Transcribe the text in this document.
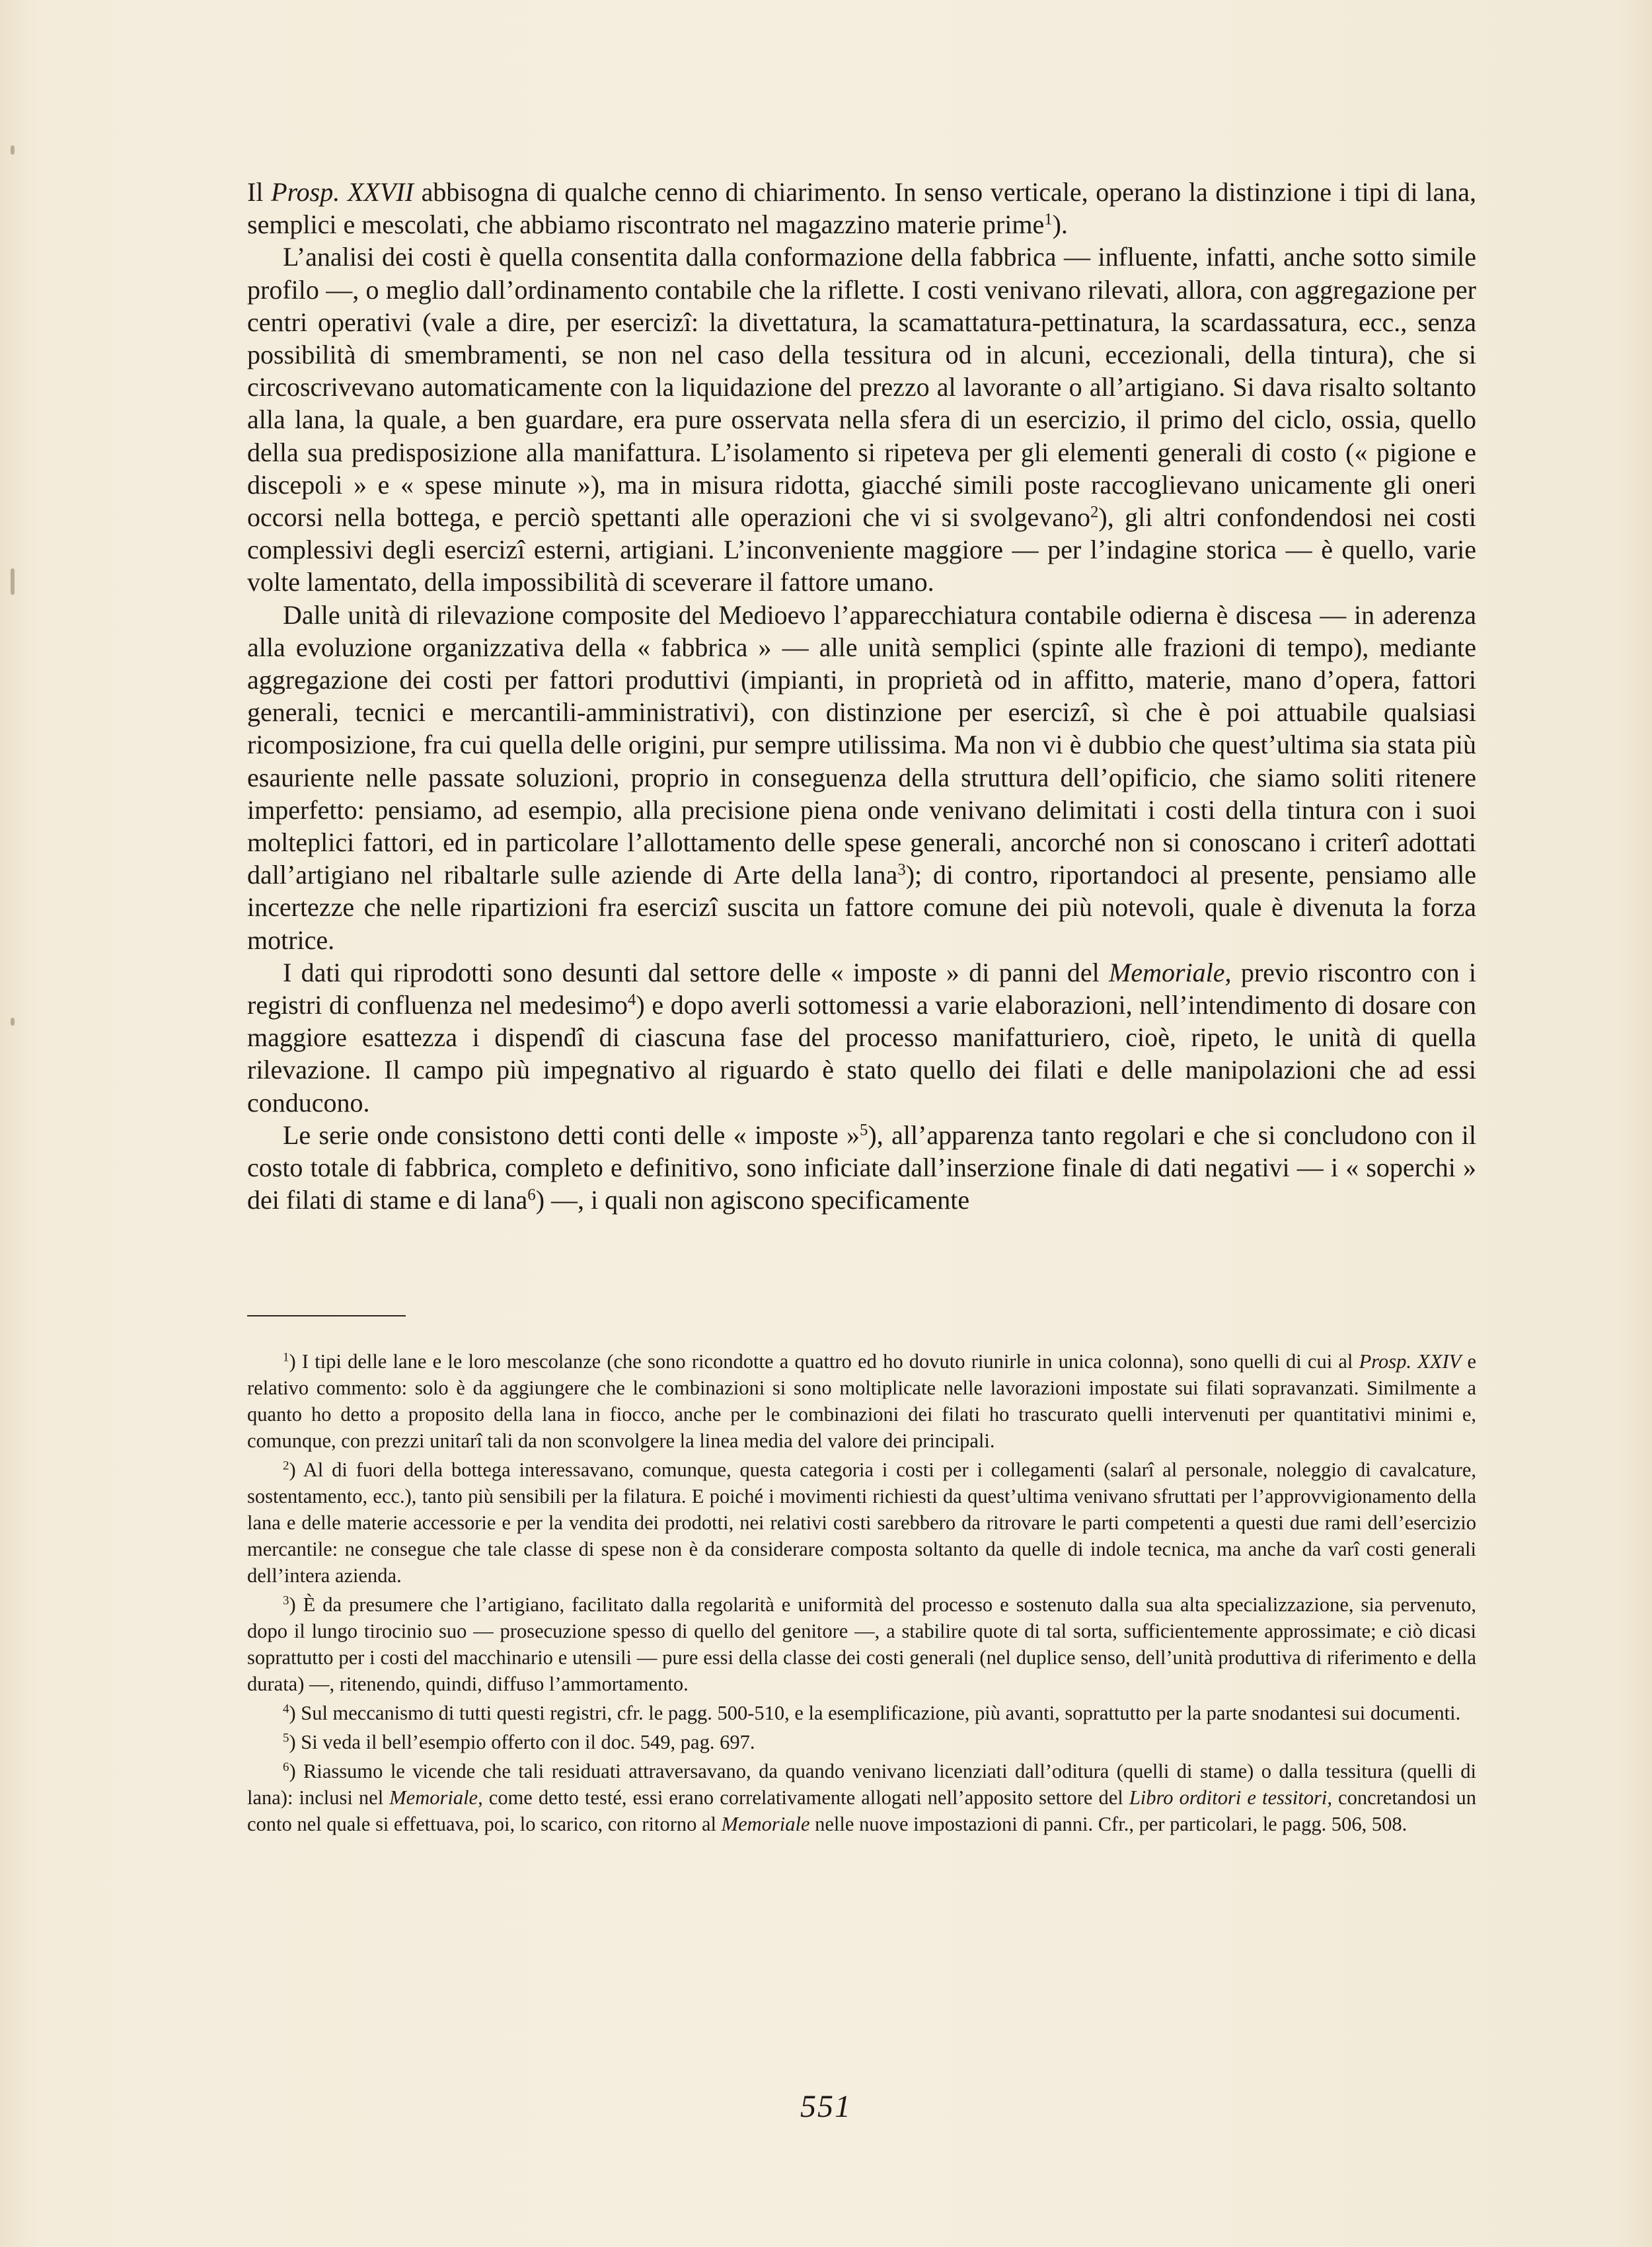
Il Prosp. XXVII abbisogna di qualche cenno di chiarimento. In senso verticale, operano la distinzione i tipi di lana, semplici e mescolati, che abbiamo riscontrato nel magazzino materie prime$^1$).

L’analisi dei costi è quella consentita dalla conformazione della fabbrica — influente, infatti, anche sotto simile profilo —, o meglio dall’ordinamento contabile che la riflette. I costi venivano rilevati, allora, con aggregazione per centri operativi (vale a dire, per esercizî: la divettatura, la scamattatura-pettinatura, la scardassatura, ecc., senza possibilità di smembramenti, se non nel caso della tessitura od in alcuni, eccezionali, della tintura), che si circoscrivevano automaticamente con la liquidazione del prezzo al lavorante o all’artigiano. Si dava risalto soltanto alla lana, la quale, a ben guardare, era pure osservata nella sfera di un esercizio, il primo del ciclo, ossia, quello della sua predisposizione alla manifattura. L’isolamento si ripeteva per gli elementi generali di costo (« pigione e discepoli » e « spese minute »), ma in misura ridotta, giacché simili poste raccoglievano unicamente gli oneri occorsi nella bottega, e perciò spettanti alle operazioni che vi si svolgevano$^2$), gli altri confondendosi nei costi complessivi degli esercizî esterni, artigiani. L’inconveniente maggiore — per l’indagine storica — è quello, varie volte lamentato, della impossibilità di sceverare il fattore umano.

Dalle unità di rilevazione composite del Medioevo l’apparecchiatura contabile odierna è discesa — in aderenza alla evoluzione organizzativa della « fabbrica » — alle unità semplici (spinte alle frazioni di tempo), mediante aggregazione dei costi per fattori produttivi (impianti, in proprietà od in affitto, materie, mano d’opera, fattori generali, tecnici e mercantili-amministrativi), con distinzione per esercizî, sì che è poi attuabile qualsiasi ricomposizione, fra cui quella delle origini, pur sempre utilissima. Ma non vi è dubbio che quest’ultima sia stata più esauriente nelle passate soluzioni, proprio in conseguenza della struttura dell’opificio, che siamo soliti ritenere imperfetto: pensiamo, ad esempio, alla precisione piena onde venivano delimitati i costi della tintura con i suoi molteplici fattori, ed in particolare l’allottamento delle spese generali, ancorché non si conoscano i criterî adottati dall’artigiano nel ribaltarle sulle aziende di Arte della lana$^3$); di contro, riportandoci al presente, pensiamo alle incertezze che nelle ripartizioni fra esercizî suscita un fattore comune dei più notevoli, quale è divenuta la forza motrice.

I dati qui riprodotti sono desunti dal settore delle « imposte » di panni del Memoriale, previo riscontro con i registri di confluenza nel medesimo$^4$) e dopo averli sottomessi a varie elaborazioni, nell’intendimento di dosare con maggiore esattezza i dispendî di ciascuna fase del processo manifatturiero, cioè, ripeto, le unità di quella rilevazione. Il campo più impegnativo al riguardo è stato quello dei filati e delle manipolazioni che ad essi conducono.

Le serie onde consistono detti conti delle « imposte »$^5$), all’apparenza tanto regolari e che si concludono con il costo totale di fabbrica, completo e definitivo, sono inficiate dall’inserzione finale di dati negativi — i « soperchi » dei filati di stame e di lana$^6$) —, i quali non agiscono specificamente

$^1$) I tipi delle lane e le loro mescolanze (che sono ricondotte a quattro ed ho dovuto riunirle in unica colonna), sono quelli di cui al Prosp. XXIV e relativo commento: solo è da aggiungere che le combinazioni si sono moltiplicate nelle lavorazioni impostate sui filati sopravanzati. Similmente a quanto ho detto a proposito della lana in fiocco, anche per le combinazioni dei filati ho trascurato quelli intervenuti per quantitativi minimi e, comunque, con prezzi unitarî tali da non sconvolgere la linea media del valore dei principali.

$^2$) Al di fuori della bottega interessavano, comunque, questa categoria i costi per i collegamenti (salarî al personale, noleggio di cavalcature, sostentamento, ecc.), tanto più sensibili per la filatura. E poiché i movimenti richiesti da quest’ultima venivano sfruttati per l’approvvigionamento della lana e delle materie accessorie e per la vendita dei prodotti, nei relativi costi sarebbero da ritrovare le parti competenti a questi due rami dell’esercizio mercantile: ne consegue che tale classe di spese non è da considerare composta soltanto da quelle di indole tecnica, ma anche da varî costi generali dell’intera azienda.

$^3$) È da presumere che l’artigiano, facilitato dalla regolarità e uniformità del processo e sostenuto dalla sua alta specializzazione, sia pervenuto, dopo il lungo tirocinio suo — prosecuzione spesso di quello del genitore —, a stabilire quote di tal sorta, sufficientemente approssimate; e ciò dicasi soprattutto per i costi del macchinario e utensili — pure essi della classe dei costi generali (nel duplice senso, dell’unità produttiva di riferimento e della durata) —, ritenendo, quindi, diffuso l’ammortamento.

$^4$) Sul meccanismo di tutti questi registri, cfr. le pagg. 500-510, e la esemplificazione, più avanti, soprattutto per la parte snodantesi sui documenti.

$^5$) Si veda il bell’esempio offerto con il doc. 549, pag. 697.

$^6$) Riassumo le vicende che tali residuati attraversavano, da quando venivano licenziati dall’oditura (quelli di stame) o dalla tessitura (quelli di lana): inclusi nel Memoriale, come detto testé, essi erano correlativamente allogati nell’apposito settore del Libro orditori e tessitori, concretandosi un conto nel quale si effettuava, poi, lo scarico, con ritorno al Memoriale nelle nuove impostazioni di panni. Cfr., per particolari, le pagg. 506, 508.

551
